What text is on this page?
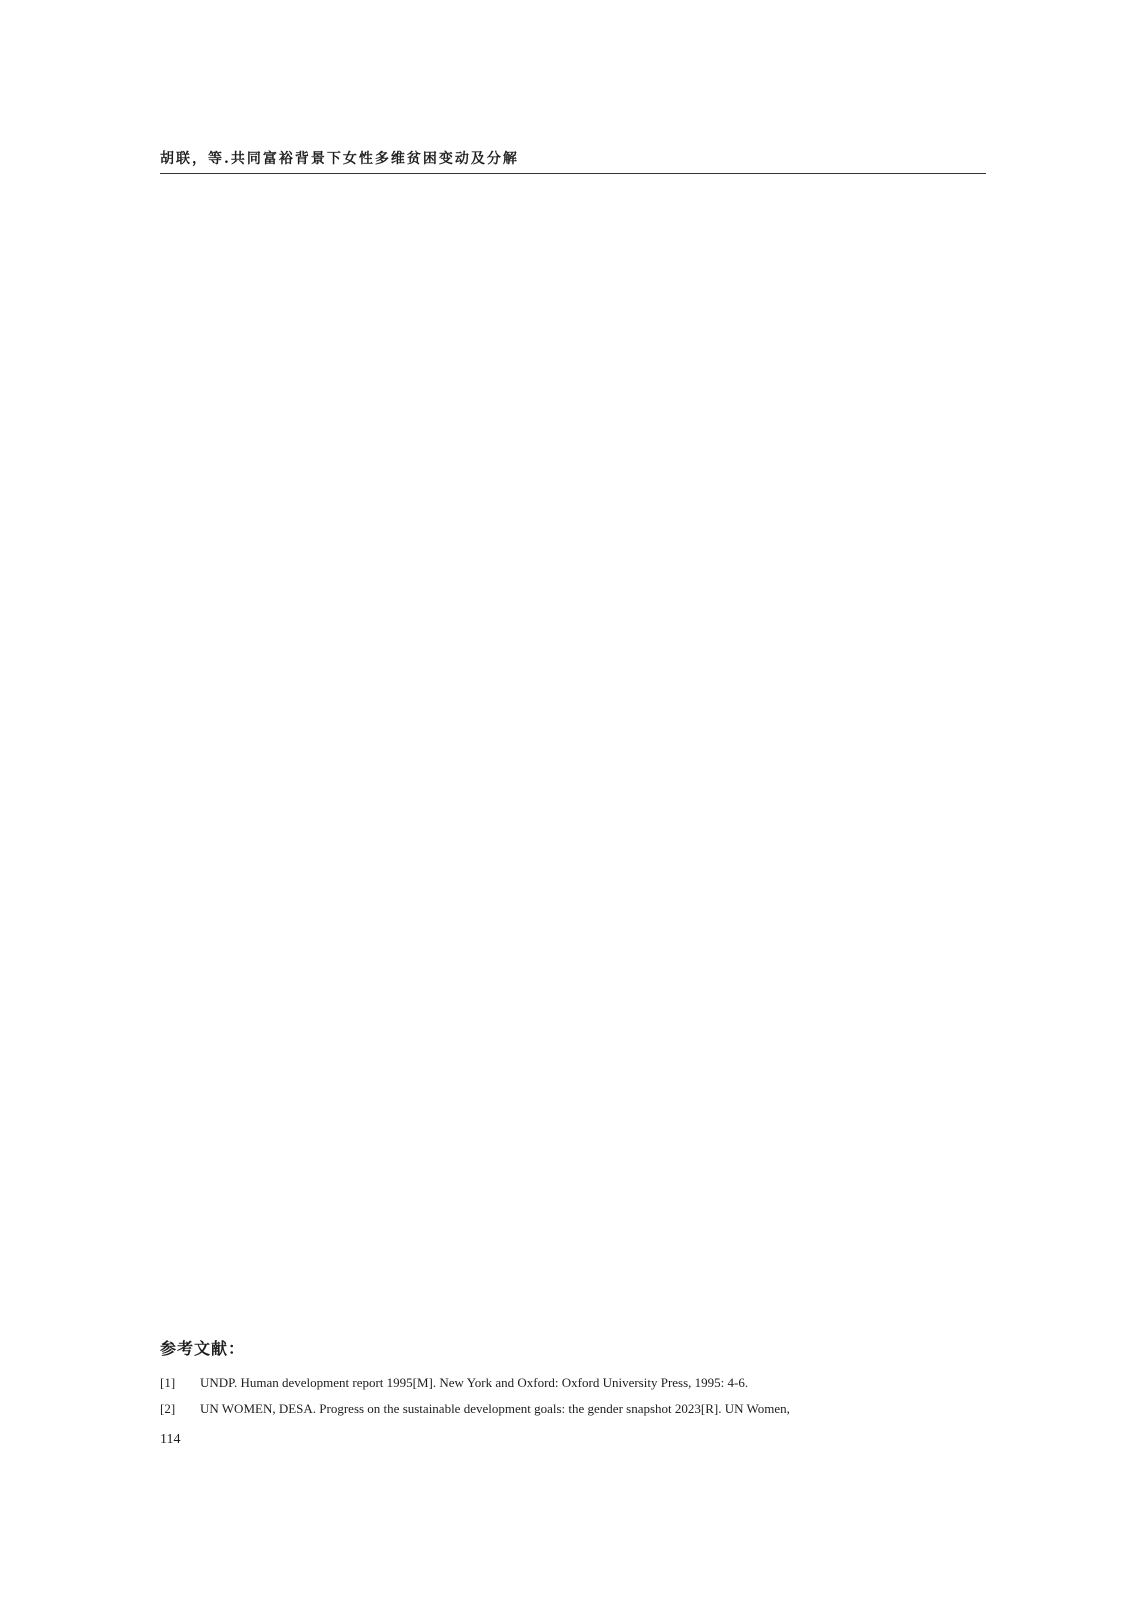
胡联，等.共同富裕背景下女性多维贫困变动及分解
参考文献：
[1] UNDP. Human development report 1995[M]. New York and Oxford: Oxford University Press, 1995: 4-6.
[2] UN WOMEN, DESA. Progress on the sustainable development goals: the gender snapshot 2023[R]. UN Women,
114
